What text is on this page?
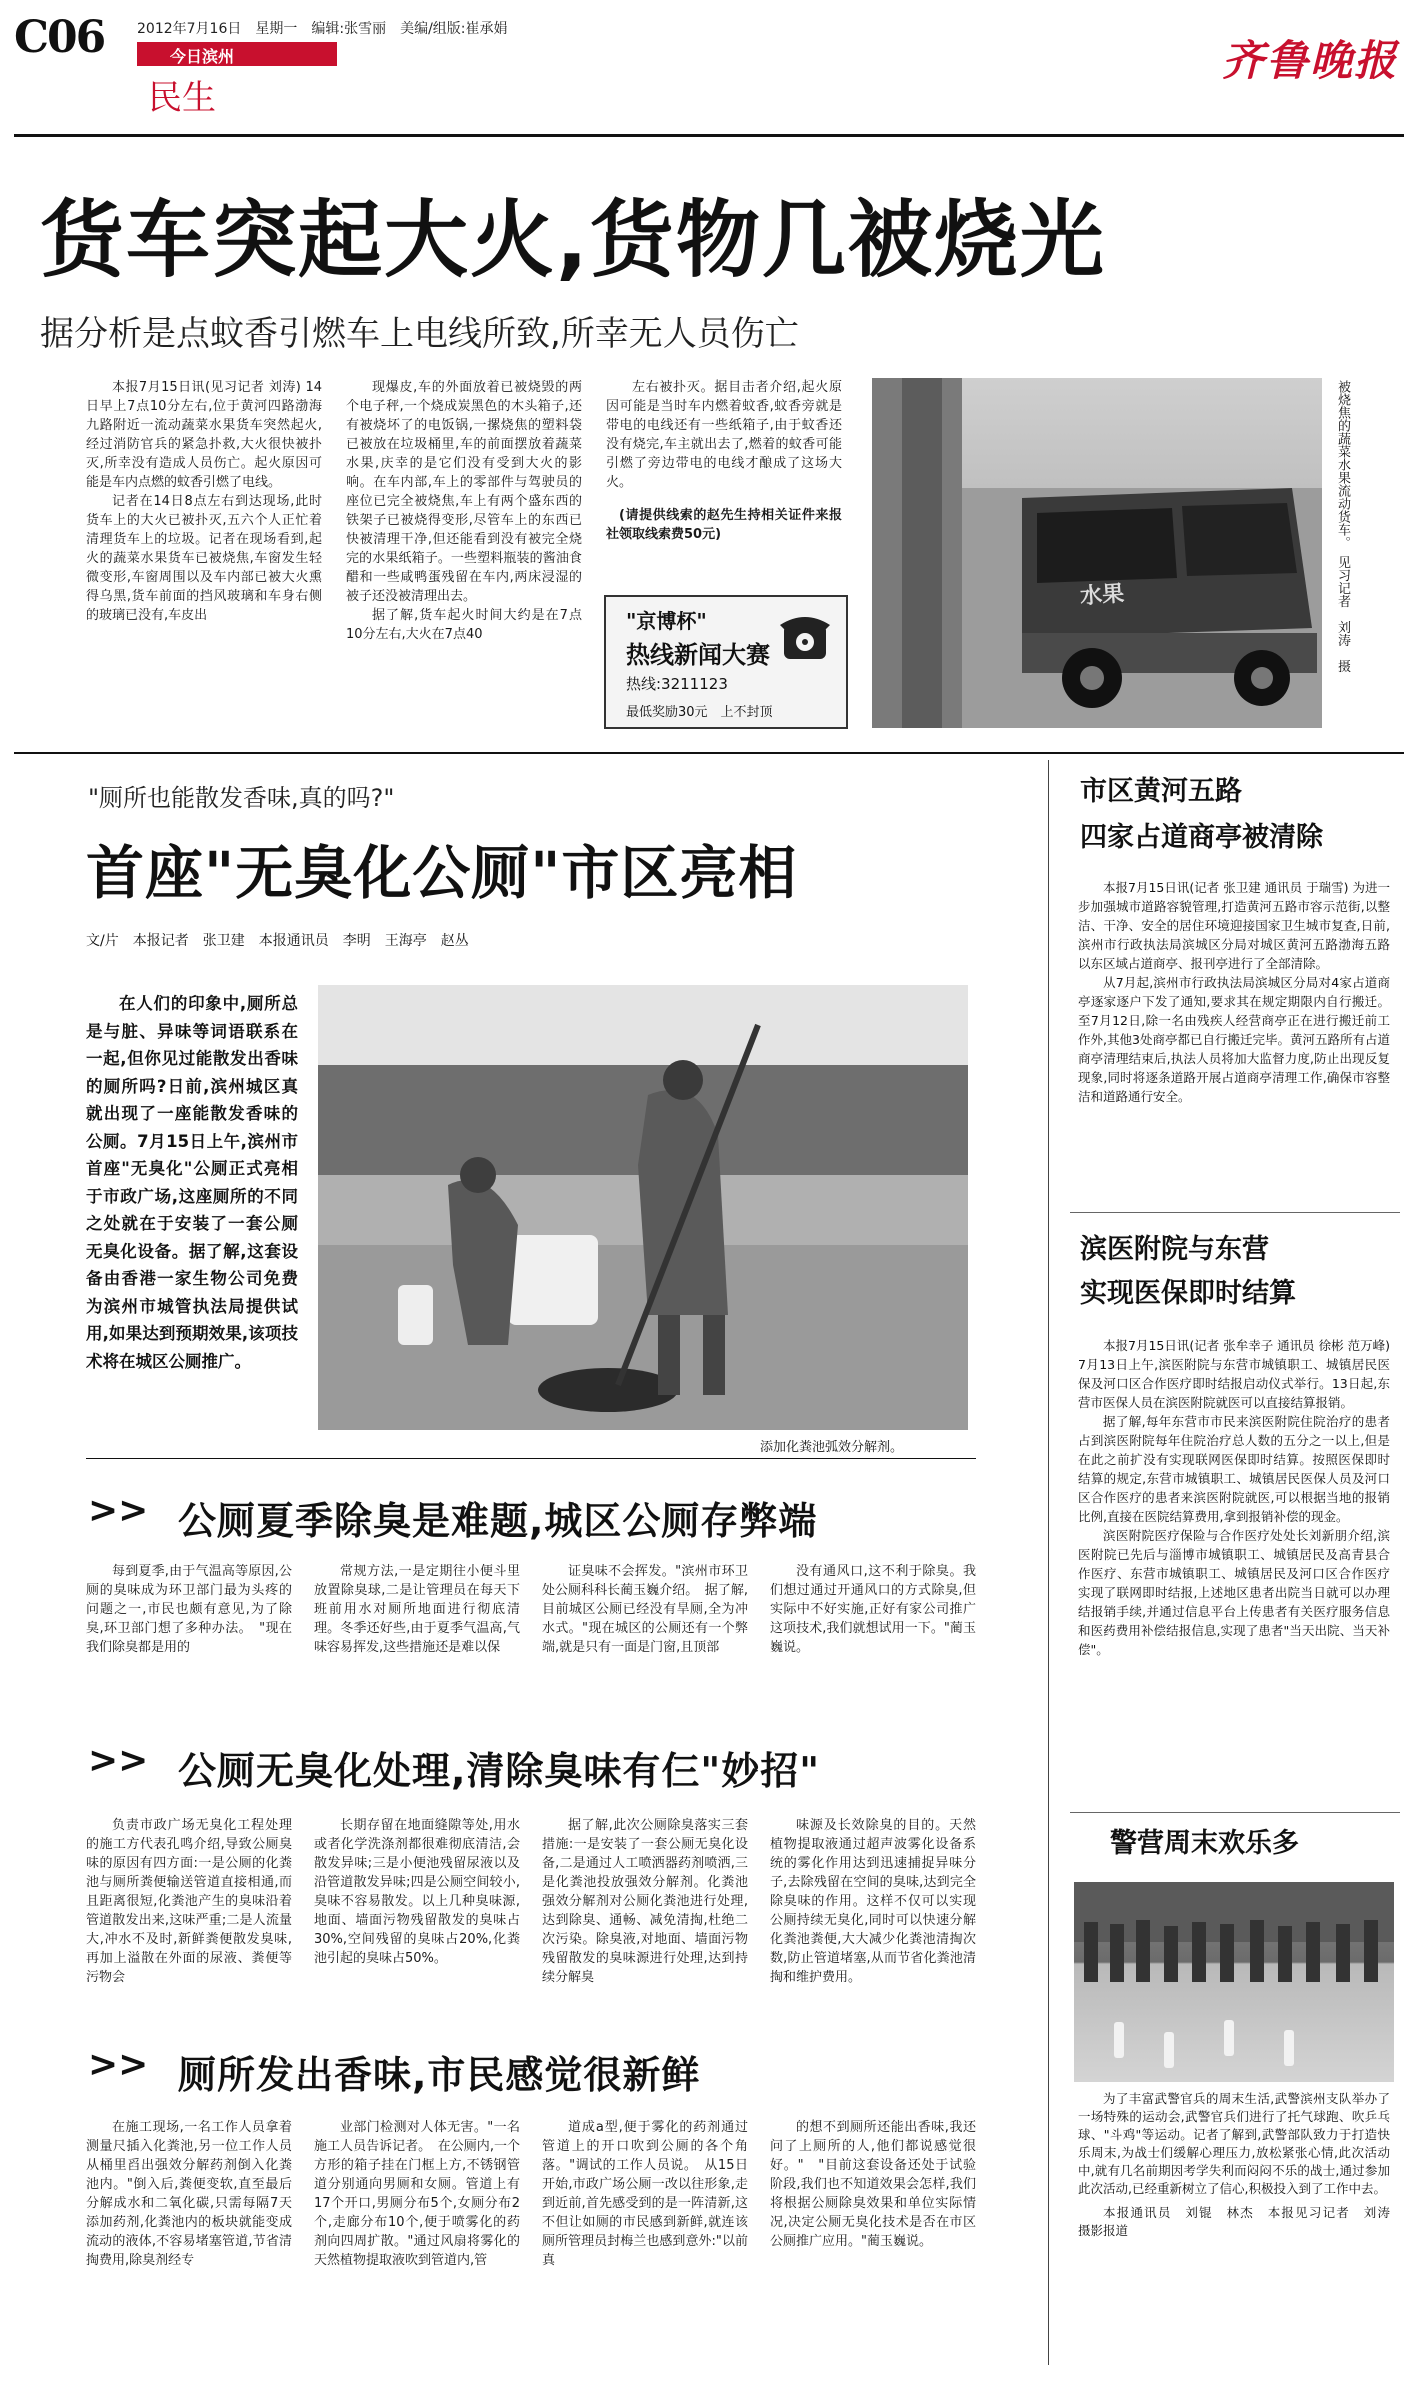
C06 2012年7月16日　星期一　编辑:张雪丽　美编/组版:崔承娟
今日滨州
民生
齐鲁晚报
货车突起大火,货物几被烧光
据分析是点蚊香引燃车上电线所致,所幸无人员伤亡

本报7月15日讯(见习记者 刘涛) 14日早上7点10分左右,位于黄河四路渤海九路附近一流动蔬菜水果货车突然起火,经过消防官兵的紧急扑救,大火很快被扑灭,所幸没有造成人员伤亡。起火原因可能是车内点燃的蚊香引燃了电线。

记者在14日8点左右到达现场,此时货车上的大火已被扑灭,五六个人正忙着清理货车上的垃圾。记者在现场看到,起火的蔬菜水果货车已被烧焦,车窗发生轻微变形,车窗周围以及车内部已被大火熏得乌黑,货车前面的挡风玻璃和车身右侧的玻璃已没有,车皮出

现爆皮,车的外面放着已被烧毁的两个电子秤,一个烧成炭黑色的木头箱子,还有被烧坏了的电饭锅,一摞烧焦的塑料袋已被放在垃圾桶里,车的前面摆放着蔬菜水果,庆幸的是它们没有受到大火的影响。在车内部,车上的零部件与驾驶员的座位已完全被烧焦,车上有两个盛东西的铁架子已被烧得变形,尽管车上的东西已快被清理干净,但还能看到没有被完全烧完的水果纸箱子。一些塑料瓶装的酱油食醋和一些咸鸭蛋残留在车内,两床浸湿的被子还没被清理出去。

据了解,货车起火时间大约是在7点10分左右,大火在7点40

左右被扑灭。据目击者介绍,起火原因可能是当时车内燃着蚊香,蚊香旁就是带电的电线还有一些纸箱子,由于蚊香还没有烧完,车主就出去了,燃着的蚊香可能引燃了旁边带电的电线才酿成了这场大火。

(请提供线索的赵先生持相关证件来报社领取线索费50元)

"京博杯"
热线新闻大赛
热线:3211123
最低奖励30元　上不封顶
水果	被烧焦的蔬菜水果流动货车。　见习记者　刘涛　摄
"厕所也能散发香味,真的吗?"
首座"无臭化公厕"市区亮相
文/片　本报记者　张卫建　本报通讯员　李明　王海亭　赵丛

在人们的印象中,厕所总是与脏、异味等词语联系在一起,但你见过能散发出香味的厕所吗?日前,滨州城区真就出现了一座能散发香味的公厕。7月15日上午,滨州市首座"无臭化"公厕正式亮相于市政广场,这座厕所的不同之处就在于安装了一套公厕无臭化设备。据了解,这套设备由香港一家生物公司免费为滨州市城管执法局提供试用,如果达到预期效果,该项技术将在城区公厕推广。

添加化粪池弧效分解剂。
>> 公厕夏季除臭是难题,城区公厕存弊端

每到夏季,由于气温高等原因,公厕的臭味成为环卫部门最为头疼的问题之一,市民也颇有意见,为了除臭,环卫部门想了多种办法。　"现在我们除臭都是用的

常规方法,一是定期往小便斗里放置除臭球,二是让管理员在每天下班前用水对厕所地面进行彻底清理。冬季还好些,由于夏季气温高,气味容易挥发,这些措施还是难以保

证臭味不会挥发。"滨州市环卫处公厕科科长蔺玉巍介绍。　据了解,目前城区公厕已经没有旱厕,全为冲水式。"现在城区的公厕还有一个弊端,就是只有一面是门窗,且顶部

没有通风口,这不利于除臭。我们想过通过开通风口的方式除臭,但实际中不好实施,正好有家公司推广这项技术,我们就想试用一下。"蔺玉巍说。

>> 公厕无臭化处理,清除臭味有仨"妙招"

负责市政广场无臭化工程处理的施工方代表孔鸣介绍,导致公厕臭味的原因有四方面:一是公厕的化粪池与厕所粪便输送管道直接相通,而且距离很短,化粪池产生的臭味沿着管道散发出来,这味严重;二是人流量大,冲水不及时,新鲜粪便散发臭味,再加上溢散在外面的尿液、粪便等污物会

长期存留在地面缝隙等处,用水或者化学洗涤剂都很难彻底清洁,会散发异味;三是小便池残留尿液以及沿管道散发异味;四是公厕空间较小,臭味不容易散发。以上几种臭味源,地面、墙面污物残留散发的臭味占30%,空间残留的臭味占20%,化粪池引起的臭味占50%。

据了解,此次公厕除臭落实三套措施:一是安装了一套公厕无臭化设备,二是通过人工喷洒器药剂喷洒,三是化粪池投放强效分解剂。化粪池强效分解剂对公厕化粪池进行处理,达到除臭、通畅、减免清掏,杜绝二次污染。除臭液,对地面、墙面污物残留散发的臭味源进行处理,达到持续分解臭

味源及长效除臭的目的。天然植物提取液通过超声波雾化设备系统的雾化作用达到迅速捕捉异味分子,去除残留在空间的臭味,达到完全除臭味的作用。这样不仅可以实现公厕持续无臭化,同时可以快速分解化粪池粪便,大大减少化粪池清掏次数,防止管道堵塞,从而节省化粪池清掏和维护费用。

>> 厕所发出香味,市民感觉很新鲜

在施工现场,一名工作人员拿着测量尺插入化粪池,另一位工作人员从桶里舀出强效分解药剂倒入化粪池内。"倒入后,粪便变软,直至最后分解成水和二氧化碳,只需每隔7天添加药剂,化粪池内的板块就能变成流动的液体,不容易堵塞管道,节省清掏费用,除臭剂经专

业部门检测对人体无害。"一名施工人员告诉记者。　在公厕内,一个方形的箱子挂在门框上方,不锈钢管道分别通向男厕和女厕。管道上有17个开口,男厕分布5个,女厕分布2个,走廊分布10个,便于喷雾化的药剂向四周扩散。"通过风扇将雾化的天然植物提取液吹到管道内,管

道成a型,便于雾化的药剂通过管道上的开口吹到公厕的各个角落。"调试的工作人员说。　从15日开始,市政广场公厕一改以往形象,走到近前,首先感受到的是一阵清新,这不但让如厕的市民感到新鲜,就连该厕所管理员封梅兰也感到意外:"以前真

的想不到厕所还能出香味,我还问了上厕所的人,他们都说感觉很好。"　"目前这套设备还处于试验阶段,我们也不知道效果会怎样,我们将根据公厕除臭效果和单位实际情况,决定公厕无臭化技术是否在市区公厕推广应用。"蔺玉巍说。

市区黄河五路
四家占道商亭被清除

本报7月15日讯(记者 张卫建 通讯员 于瑞雪) 为进一步加强城市道路容貌管理,打造黄河五路市容示范街,以整洁、干净、安全的居住环境迎接国家卫生城市复查,日前,滨州市行政执法局滨城区分局对城区黄河五路渤海五路以东区域占道商亭、报刊亭进行了全部清除。

从7月起,滨州市行政执法局滨城区分局对4家占道商亭逐家逐户下发了通知,要求其在规定期限内自行搬迁。至7月12日,除一名由残疾人经营商亭正在进行搬迁前工作外,其他3处商亭都已自行搬迁完毕。黄河五路所有占道商亭清理结束后,执法人员将加大监督力度,防止出现反复现象,同时将逐条道路开展占道商亭清理工作,确保市容整洁和道路通行安全。

滨医附院与东营
实现医保即时结算

本报7月15日讯(记者 张牟幸子 通讯员 徐彬 范万峰) 7月13日上午,滨医附院与东营市城镇职工、城镇居民医保及河口区合作医疗即时结报启动仪式举行。13日起,东营市医保人员在滨医附院就医可以直接结算报销。

据了解,每年东营市市民来滨医附院住院治疗的患者占到滨医附院每年住院治疗总人数的五分之一以上,但是在此之前扩没有实现联网医保即时结算。按照医保即时结算的规定,东营市城镇职工、城镇居民医保人员及河口区合作医疗的患者来滨医附院就医,可以根据当地的报销比例,直接在医院结算费用,拿到报销补偿的现金。

滨医附院医疗保险与合作医疗处处长刘新朋介绍,滨医附院已先后与淄博市城镇职工、城镇居民及高青县合作医疗、东营市城镇职工、城镇居民及河口区合作医疗实现了联网即时结报,上述地区患者出院当日就可以办理结报销手续,并通过信息平台上传患者有关医疗服务信息和医药费用补偿结报信息,实现了患者"当天出院、当天补偿"。

警营周末欢乐多

为了丰富武警官兵的周末生活,武警滨州支队举办了一场特殊的运动会,武警官兵们进行了托气球跑、吹乒乓球、"斗鸡"等运动。记者了解到,武警部队致力于打造快乐周末,为战士们缓解心理压力,放松紧张心情,此次活动中,就有几名前期因考学失利而闷闷不乐的战士,通过参加此次活动,已经重新树立了信心,积极投入到了工作中去。

本报通讯员　刘锟　林杰　本报见习记者　刘涛　摄影报道
